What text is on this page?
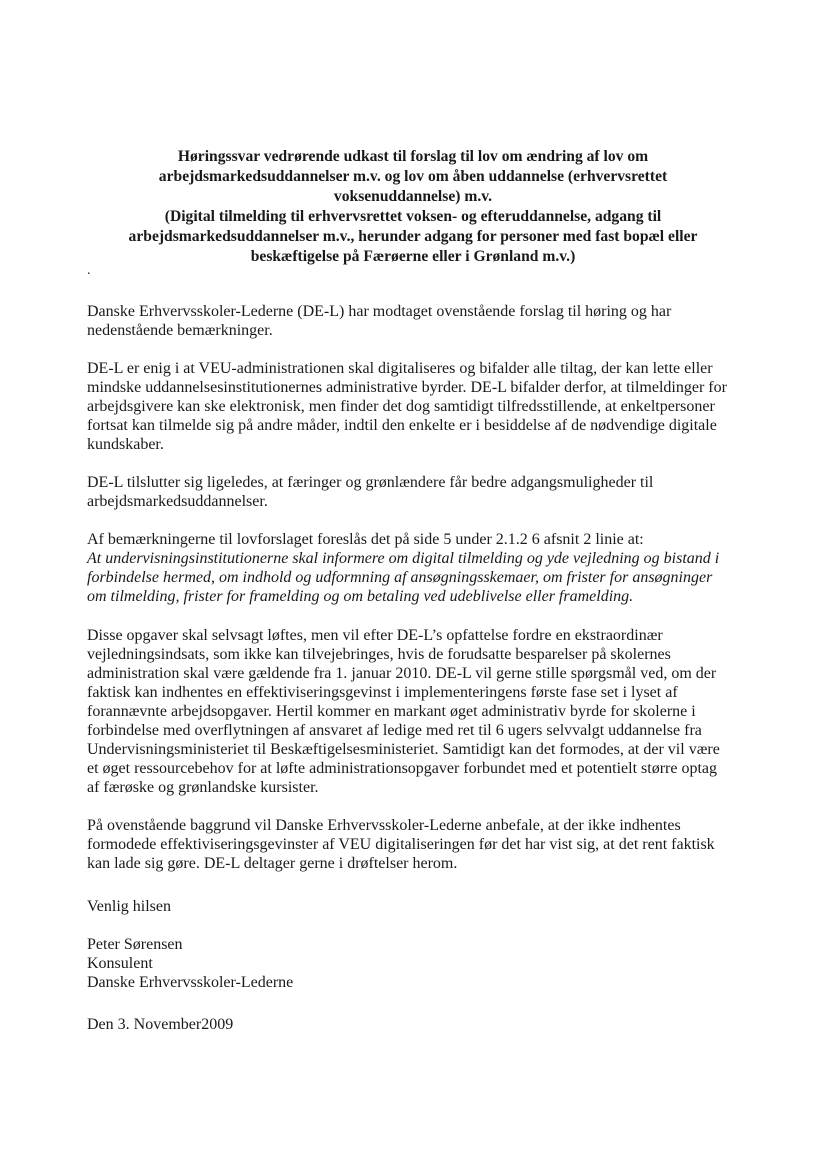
Høringssvar vedrørende udkast til forslag til lov om ændring af lov om
arbejdsmarkedsuddannelser m.v. og lov om åben uddannelse (erhvervsrettet
voksenuddannelse) m.v.
(Digital tilmelding til erhvervsrettet voksen- og efteruddannelse, adgang til
arbejdsmarkedsuddannelser m.v., herunder adgang for personer med fast bopæl eller
beskæftigelse på Færøerne eller i Grønland m.v.)
.

Danske Erhvervsskoler-Lederne (DE-L) har modtaget ovenstående forslag til høring og har
nedenstående bemærkninger.

DE-L er enig i at VEU-administrationen skal digitaliseres og bifalder alle tiltag, der kan lette eller
mindske uddannelsesinstitutionernes administrative byrder. DE-L bifalder derfor, at tilmeldinger for
arbejdsgivere kan ske elektronisk, men finder det dog samtidigt tilfredsstillende, at enkeltpersoner
fortsat kan tilmelde sig på andre måder, indtil den enkelte er i besiddelse af de nødvendige digitale
kundskaber.

DE-L tilslutter sig ligeledes, at færinger og grønlændere får bedre adgangsmuligheder til
arbejdsmarkedsuddannelser.

Af bemærkningerne til lovforslaget foreslås det på side 5 under 2.1.2 6 afsnit 2 linie at:
At undervisningsinstitutionerne skal informere om digital tilmelding og yde vejledning og bistand i
forbindelse hermed, om indhold og udformning af ansøgningsskemaer, om frister for ansøgninger
om tilmelding, frister for framelding og om betaling ved udeblivelse eller framelding.

Disse opgaver skal selvsagt løftes, men vil efter DE-L’s opfattelse fordre en ekstraordinær
vejledningsindsats, som ikke kan tilvejebringes, hvis de forudsatte besparelser på skolernes
administration skal være gældende fra 1. januar 2010. DE-L vil gerne stille spørgsmål ved, om der
faktisk kan indhentes en effektiviseringsgevinst i implementeringens første fase set i lyset af
forannævnte arbejdsopgaver. Hertil kommer en markant øget administrativ byrde for skolerne i
forbindelse med overflytningen af ansvaret af ledige med ret til 6 ugers selvvalgt uddannelse fra
Undervisningsministeriet til Beskæftigelsesministeriet. Samtidigt kan det formodes, at der vil være
et øget ressourcebehov for at løfte administrationsopgaver forbundet med et potentielt større optag
af færøske og grønlandske kursister.

På ovenstående baggrund vil Danske Erhvervsskoler-Lederne anbefale, at der ikke indhentes
formodede effektiviseringsgevinster af VEU digitaliseringen før det har vist sig, at det rent faktisk
kan lade sig gøre. DE-L deltager gerne i drøftelser herom.

Venlig hilsen

Peter Sørensen
Konsulent
Danske Erhvervsskoler-Lederne

Den 3. November2009
